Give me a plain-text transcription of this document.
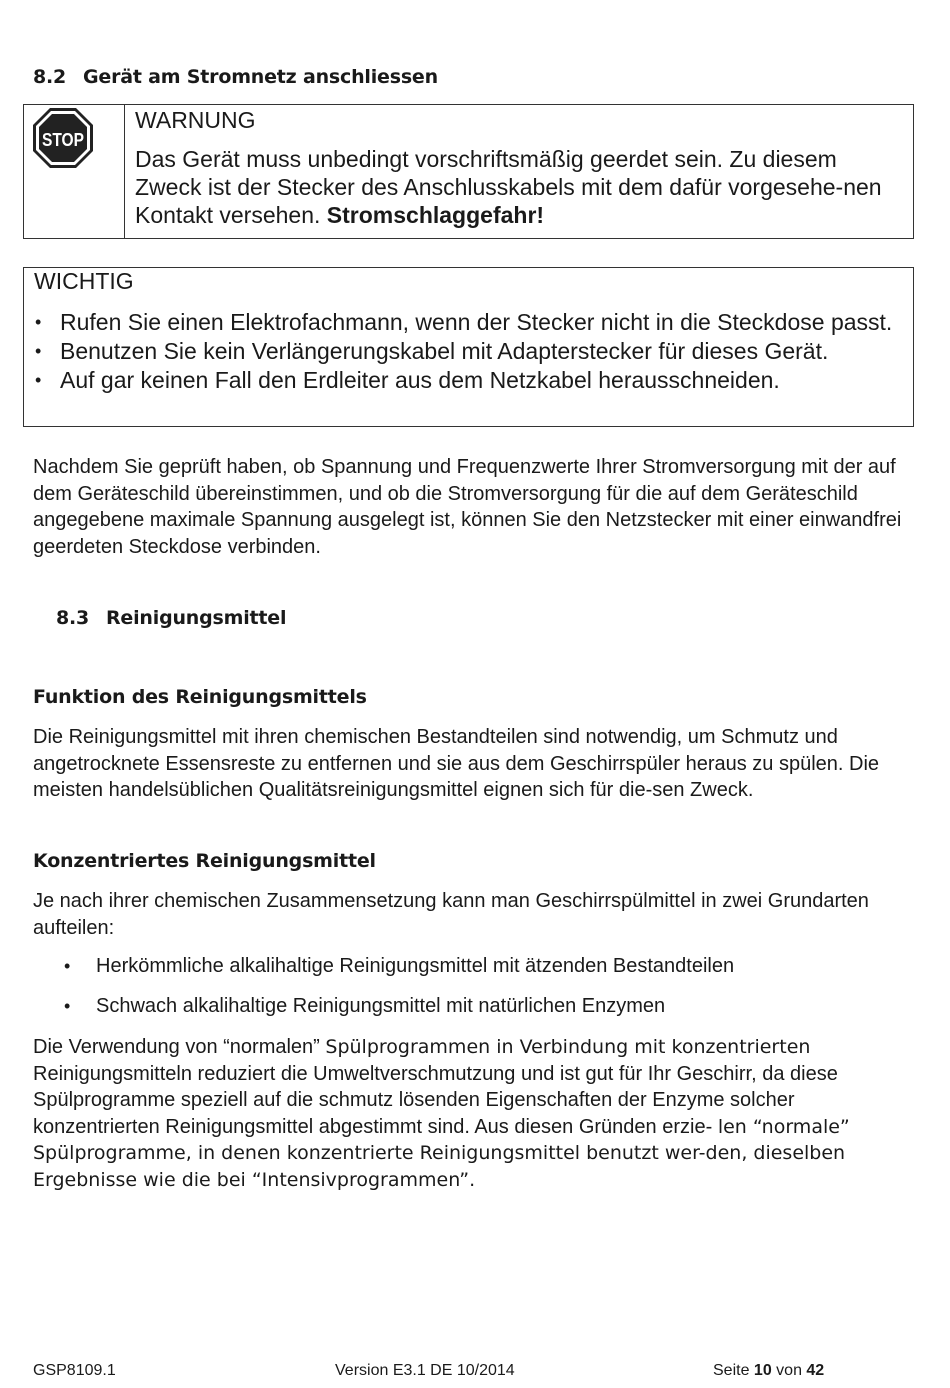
8.2 Gerät am Stromnetz anschliessen
STOP
WARNUNG
Das Gerät muss unbedingt vorschriftsmäßig geerdet sein. Zu diesem Zweck ist der Stecker des Anschlusskabels mit dem dafür vorgesehe-nen Kontakt versehen. Stromschlaggefahr!
WICHTIG
• Rufen Sie einen Elektrofachmann, wenn der Stecker nicht in die Steckdose passt.
• Benutzen Sie kein Verlängerungskabel mit Adapterstecker für dieses Gerät.
• Auf gar keinen Fall den Erdleiter aus dem Netzkabel herausschneiden.
Nachdem Sie geprüft haben, ob Spannung und Frequenzwerte Ihrer Stromversorgung mit der auf dem Geräteschild übereinstimmen, und ob die Stromversorgung für die auf dem Geräteschild angegebene maximale Spannung ausgelegt ist, können Sie den Netzstecker mit einer einwandfrei geerdeten Steckdose verbinden.
8.3 Reinigungsmittel
Funktion des Reinigungsmittels
Die Reinigungsmittel mit ihren chemischen Bestandteilen sind notwendig, um Schmutz und angetrocknete Essensreste zu entfernen und sie aus dem Geschirrspüler heraus zu spülen. Die meisten handelsüblichen Qualitätsreinigungsmittel eignen sich für die-sen Zweck.
Konzentriertes Reinigungsmittel
Je nach ihrer chemischen Zusammensetzung kann man Geschirrspülmittel in zwei Grundarten aufteilen:
• Herkömmliche alkalihaltige Reinigungsmittel mit ätzenden Bestandteilen
• Schwach alkalihaltige Reinigungsmittel mit natürlichen Enzymen
Die Verwendung von “normalen” Spülprogrammen in Verbindung mit konzentrierten Reinigungsmitteln reduziert die Umweltverschmutzung und ist gut für Ihr Geschirr, da diese Spülprogramme speziell auf die schmutz lösenden Eigenschaften der Enzyme solcher konzentrierten Reinigungsmittel abgestimmt sind. Aus diesen Gründen erzie- len “normale” Spülprogramme, in denen konzentrierte Reinigungsmittel benutzt wer-den, dieselben Ergebnisse wie die bei “Intensivprogrammen”.
GSP8109.1	Version E3.1 DE 10/2014	Seite 10 von 42
